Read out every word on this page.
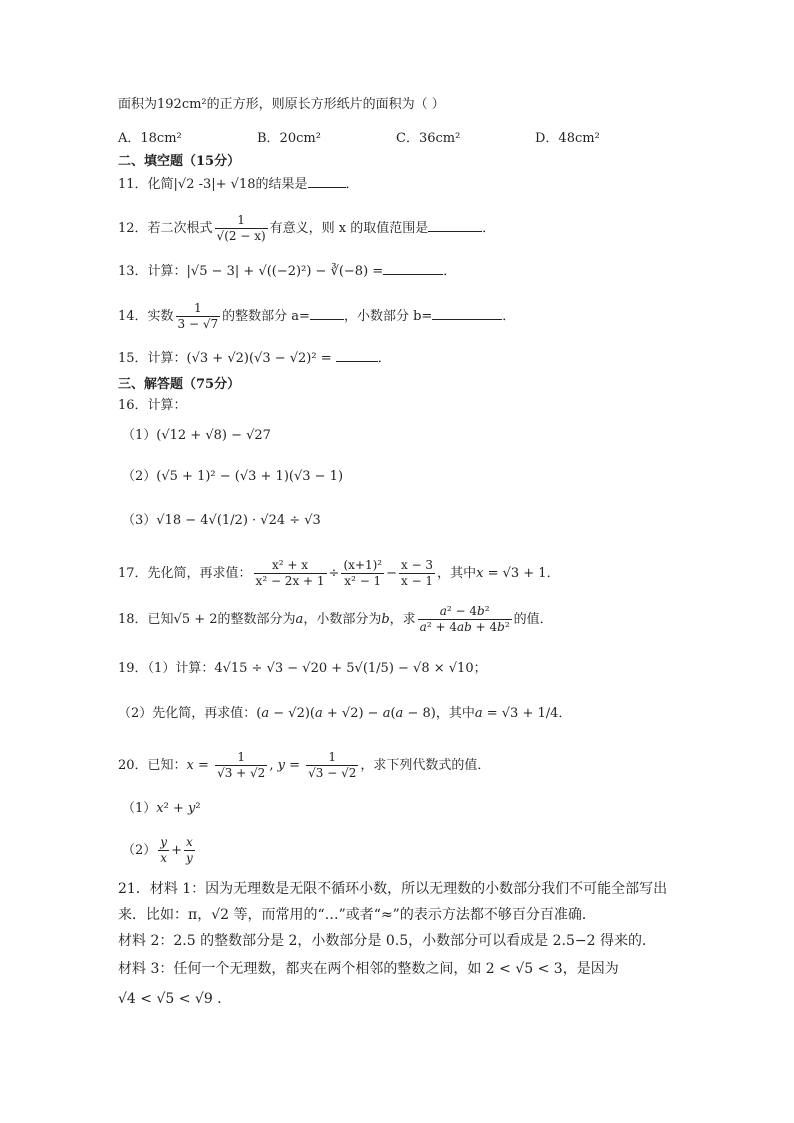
面积为192cm²的正方形，则原长方形纸片的面积为（ ）
A．18cm²	B．20cm²	C．36cm²	D．48cm²
二、填空题（15分）
11．化简|√2 -3|+ √18的结果是	．
12．若二次根式 $\frac{1}{√(2 - x)}$ 有意义，则 x 的取值范围是	．
13．计算：|√5 − 3| + √((−2)²) − ∛(−8) =	．
14．实数 $\frac{1}{3 - √7}$ 的整数部分 a=	，小数部分 b=	．
15．计算：(√3 + √2)(√3 − √2)² =	．
三、解答题（75分）
16．计算：
（1）(√12 + √8) − √27
（2）(√5 + 1)² − (√3 + 1)(√3 − 1)
（3）√18 − 4√(1/2) · √24 ÷ √3
17．先化简，再求值： $\frac{\text{x² + x}}{\text{x² − 2x + 1}} \div \frac{\text{(x+1)²}}{\text{x² − 1}} - \frac{x - 3}{x - 1}$ ，其中x = √3 + 1．
18．已知√5 + 2的整数部分为a，小数部分为b，求 $\frac{\text{a² − 4b²}}{\text{a² + 4ab + 4b²}}$ 的值．
19．（1）计算：4√15 ÷ √3 − √20 + 5√(1/5) − √8 × √10；
（2）先化简，再求值：(a − √2)(a + √2) − a(a − 8)，其中a = √3 + 1/4．
20．已知：$x = \frac{1}{√3 + √2}$ , $y = \frac{1}{√3 - √2}$ ，求下列代数式的值．
（1）x² + y²
$(2) \frac{y}{x} + \frac{x}{y}$
21．材料 1：因为无理数是无限不循环小数，所以无理数的小数部分我们不可能全部写出
来．比如：π，√2 等，而常用的“…”或者“≈”的表示方法都不够百分百准确．
材料 2：2.5 的整数部分是 2，小数部分是 0.5，小数部分可以看成是 2.5−2 得来的．
材料 3：任何一个无理数，都夹在两个相邻的整数之间，如 2 < √5 < 3，是因为
√4 < √5 < √9 ．
